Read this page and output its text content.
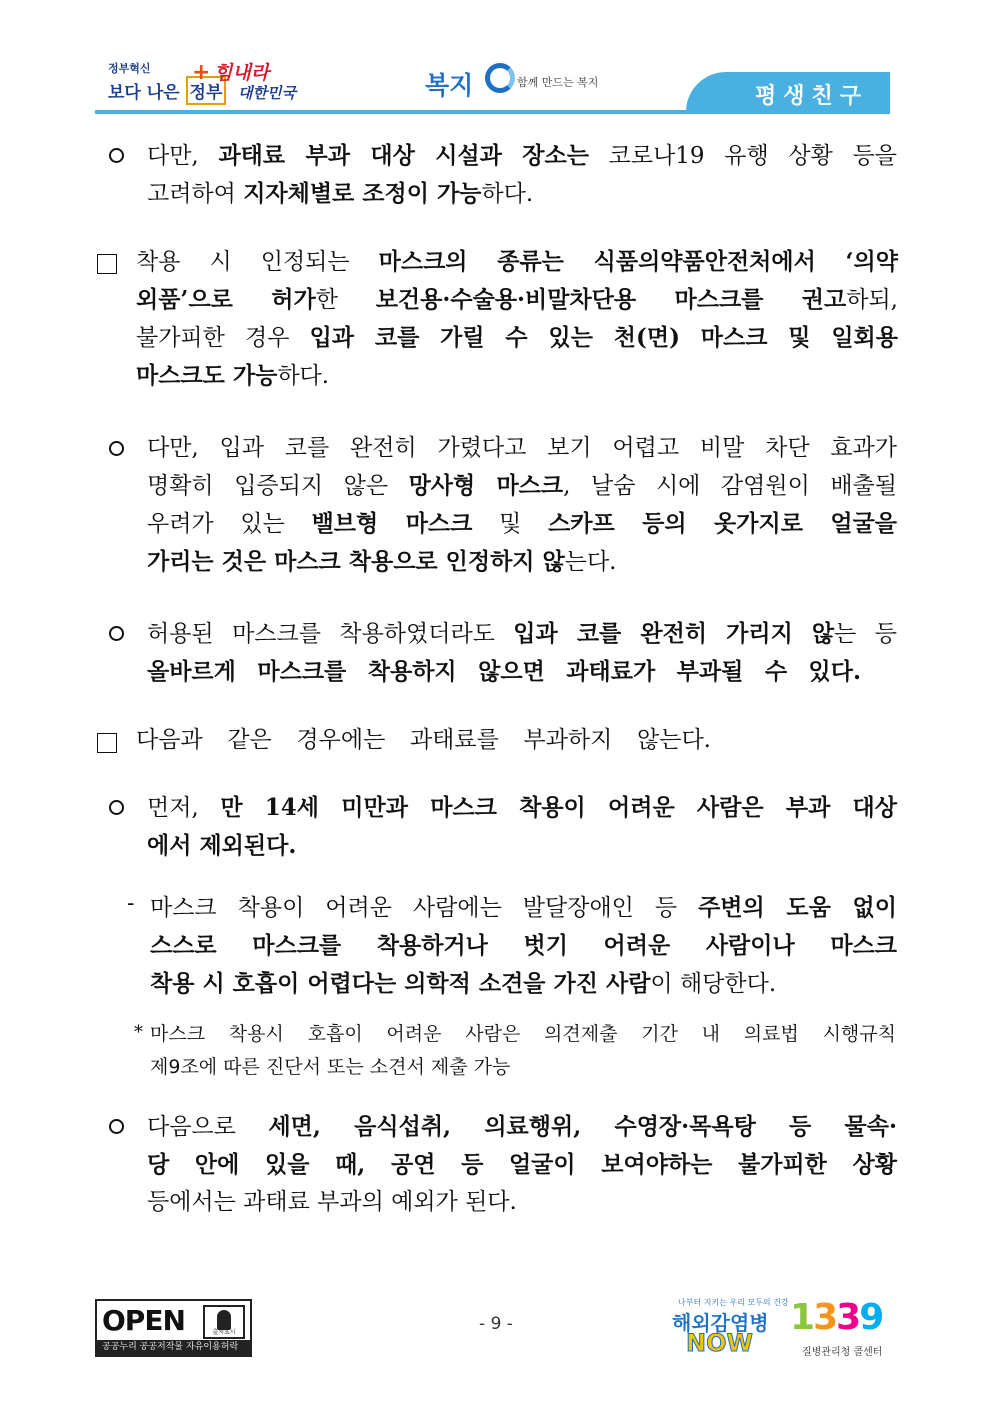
정부혁신
보다 나은 정부
+ 힘내라
대한민국	복지	함께 만드는 복지
평생친구
다만, 과태료 부과 대상 시설과 장소는 코로나19 유행 상황 등을
고려하여 지자체별로 조정이 가능하다.
착용 시 인정되는 마스크의 종류는 식품의약품안전처에서 ‘의약
외품’으로 허가한 보건용·수술용·비말차단용 마스크를 권고하되,
불가피한 경우 입과 코를 가릴 수 있는 천(면) 마스크 및 일회용
마스크도 가능하다.
다만, 입과 코를 완전히 가렸다고 보기 어렵고 비말 차단 효과가
명확히 입증되지 않은 망사형 마스크, 날숨 시에 감염원이 배출될
우려가 있는 밸브형 마스크 및 스카프 등의 옷가지로 얼굴을
가리는 것은 마스크 착용으로 인정하지 않는다.
허용된 마스크를 착용하였더라도 입과 코를 완전히 가리지 않는 등
올바르게 마스크를 착용하지 않으면 과태료가 부과될 수 있다.
다음과 같은 경우에는 과태료를 부과하지 않는다.
먼저, 만 14세 미만과 마스크 착용이 어려운 사람은 부과 대상
에서 제외된다.
- 마스크 착용이 어려운 사람에는 발달장애인 등 주변의 도움 없이
스스로 마스크를 착용하거나 벗기 어려운 사람이나 마스크
착용 시 호흡이 어렵다는 의학적 소견을 가진 사람이 해당한다.
* 마스크 착용시 호흡이 어려운 사람은 의견제출 기간 내 의료법 시행규칙
제9조에 따른 진단서 또는 소견서 제출 가능
다음으로 세면, 음식섭취, 의료행위, 수영장·목욕탕 등 물속·
당 안에 있을 때, 공연 등 얼굴이 보여야하는 불가피한 상황
등에서는 과태료 부과의 예외가 된다.
OPEN	출처표시
공공누리 공공저작물 자유이용허락
- 9 -
나부터 지키는 우리 모두의 건강
해외감염병
NOW
1339
질병관리청 콜센터
